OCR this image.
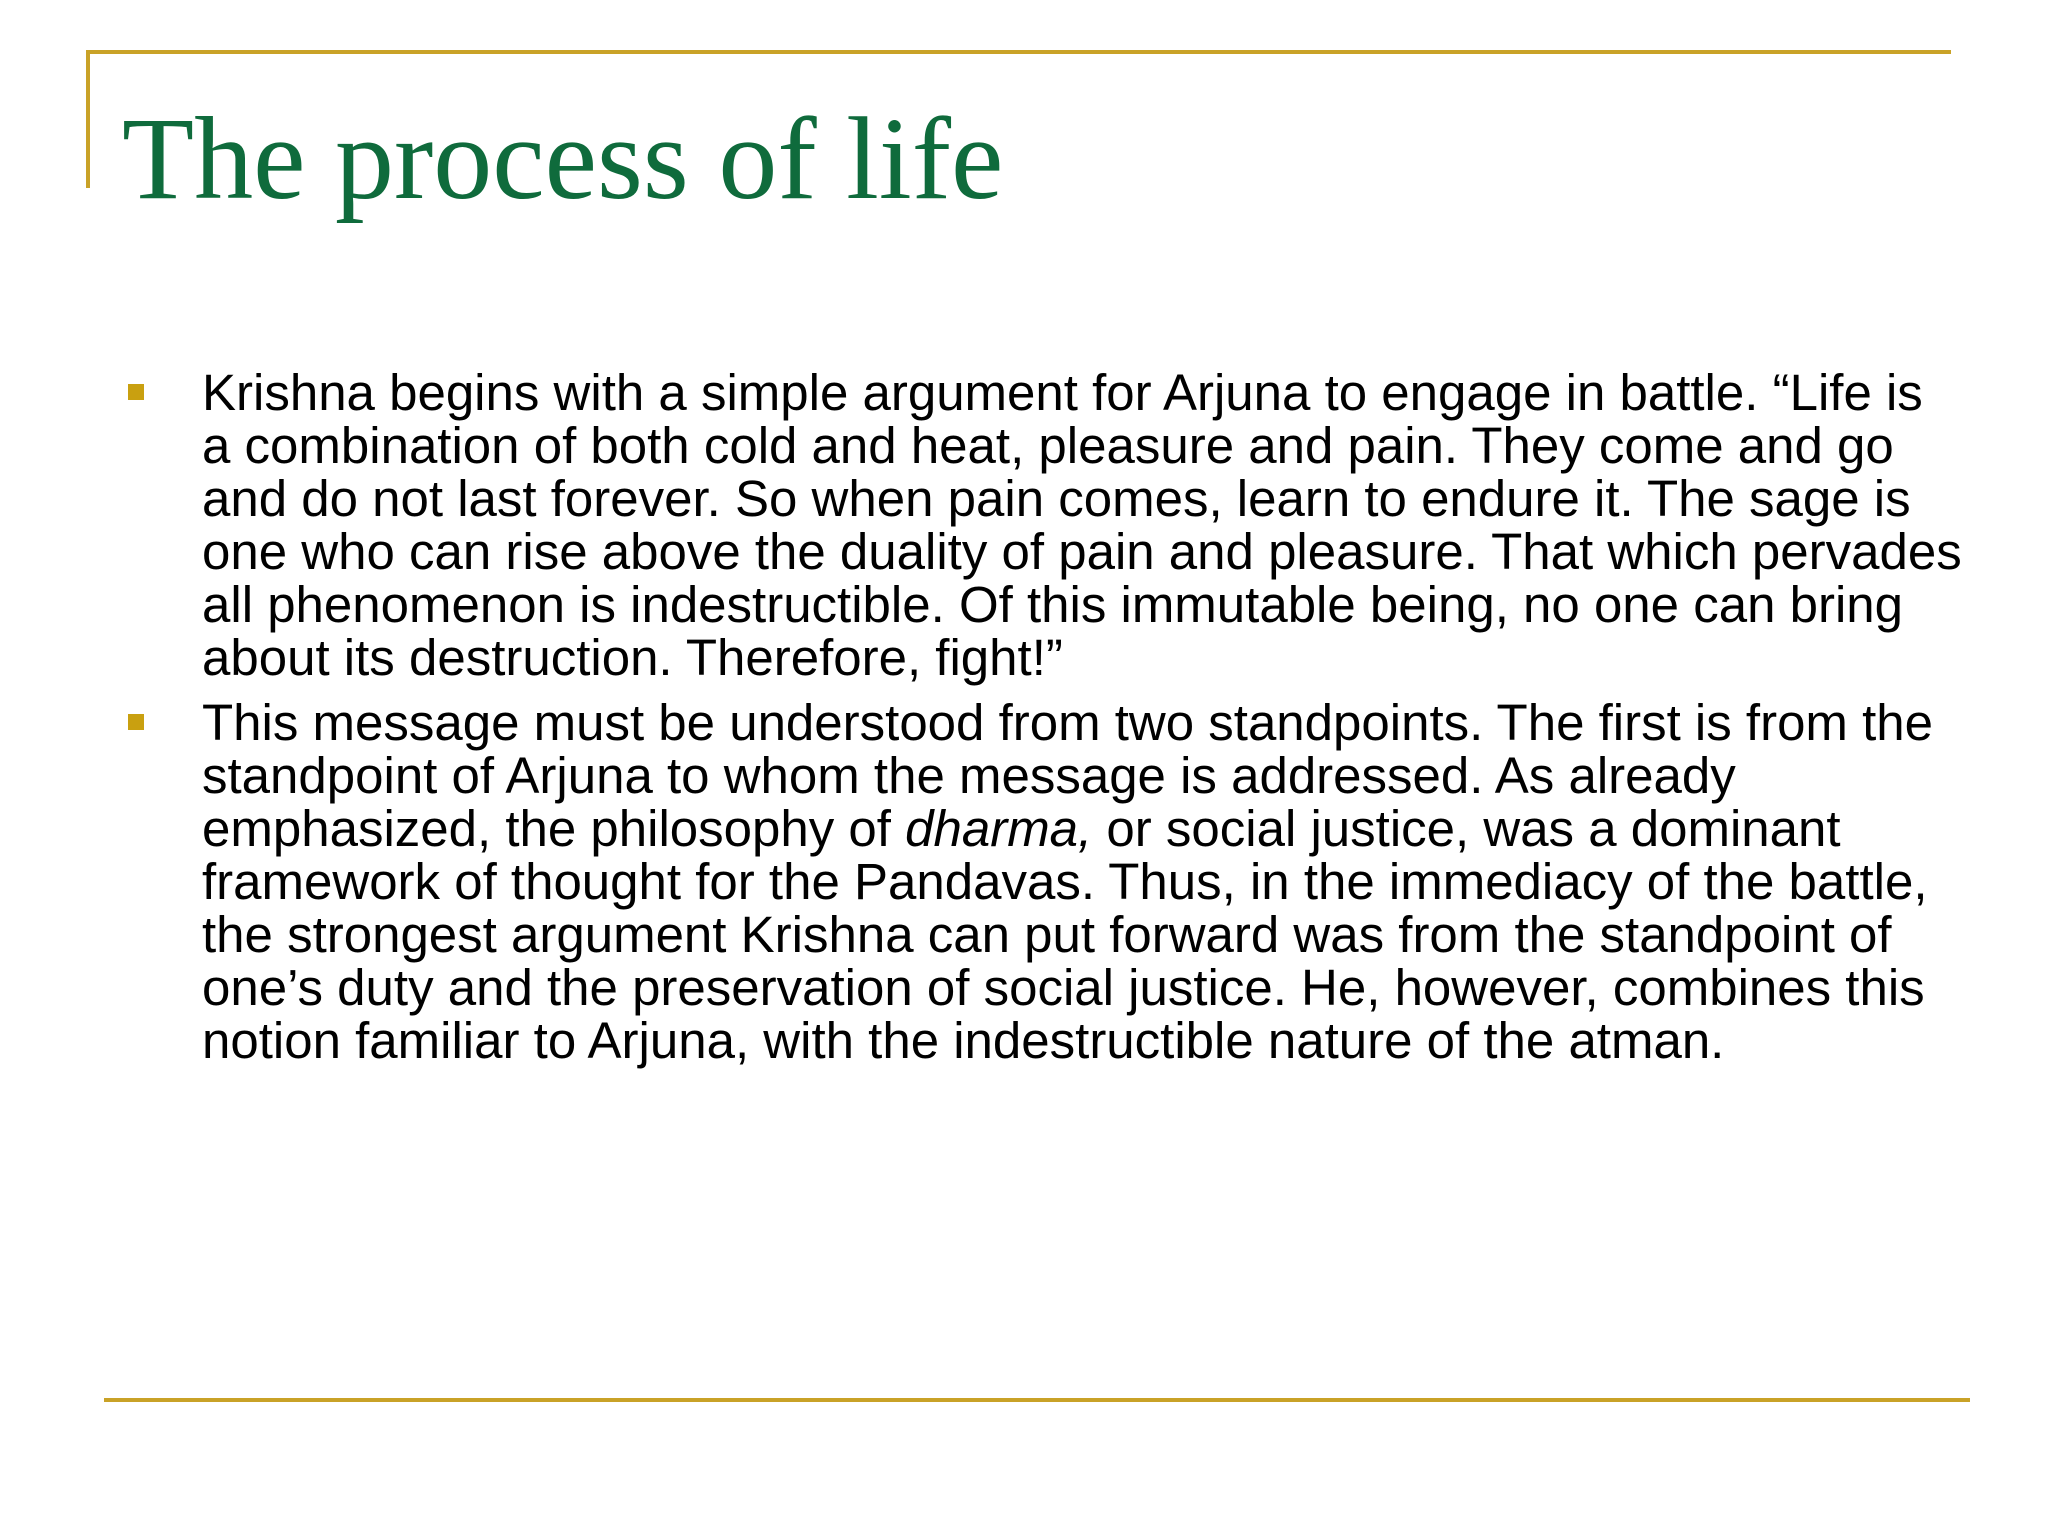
The process of life
Krishna begins with a simple argument for Arjuna to engage in battle. “Life is a combination of both cold and heat, pleasure and pain. They come and go and do not last forever. So when pain comes, learn to endure it. The sage is one who can rise above the duality of pain and pleasure. That which pervades all phenomenon is indestructible. Of this immutable being, no one can bring about its destruction. Therefore, fight!”
This message must be understood from two standpoints. The first is from the standpoint of Arjuna to whom the message is addressed. As already emphasized, the philosophy of dharma, or social justice, was a dominant framework of thought for the Pandavas. Thus, in the immediacy of the battle, the strongest argument Krishna can put forward was from the standpoint of one’s duty and the preservation of social justice. He, however, combines this notion familiar to Arjuna, with the indestructible nature of the atman.
